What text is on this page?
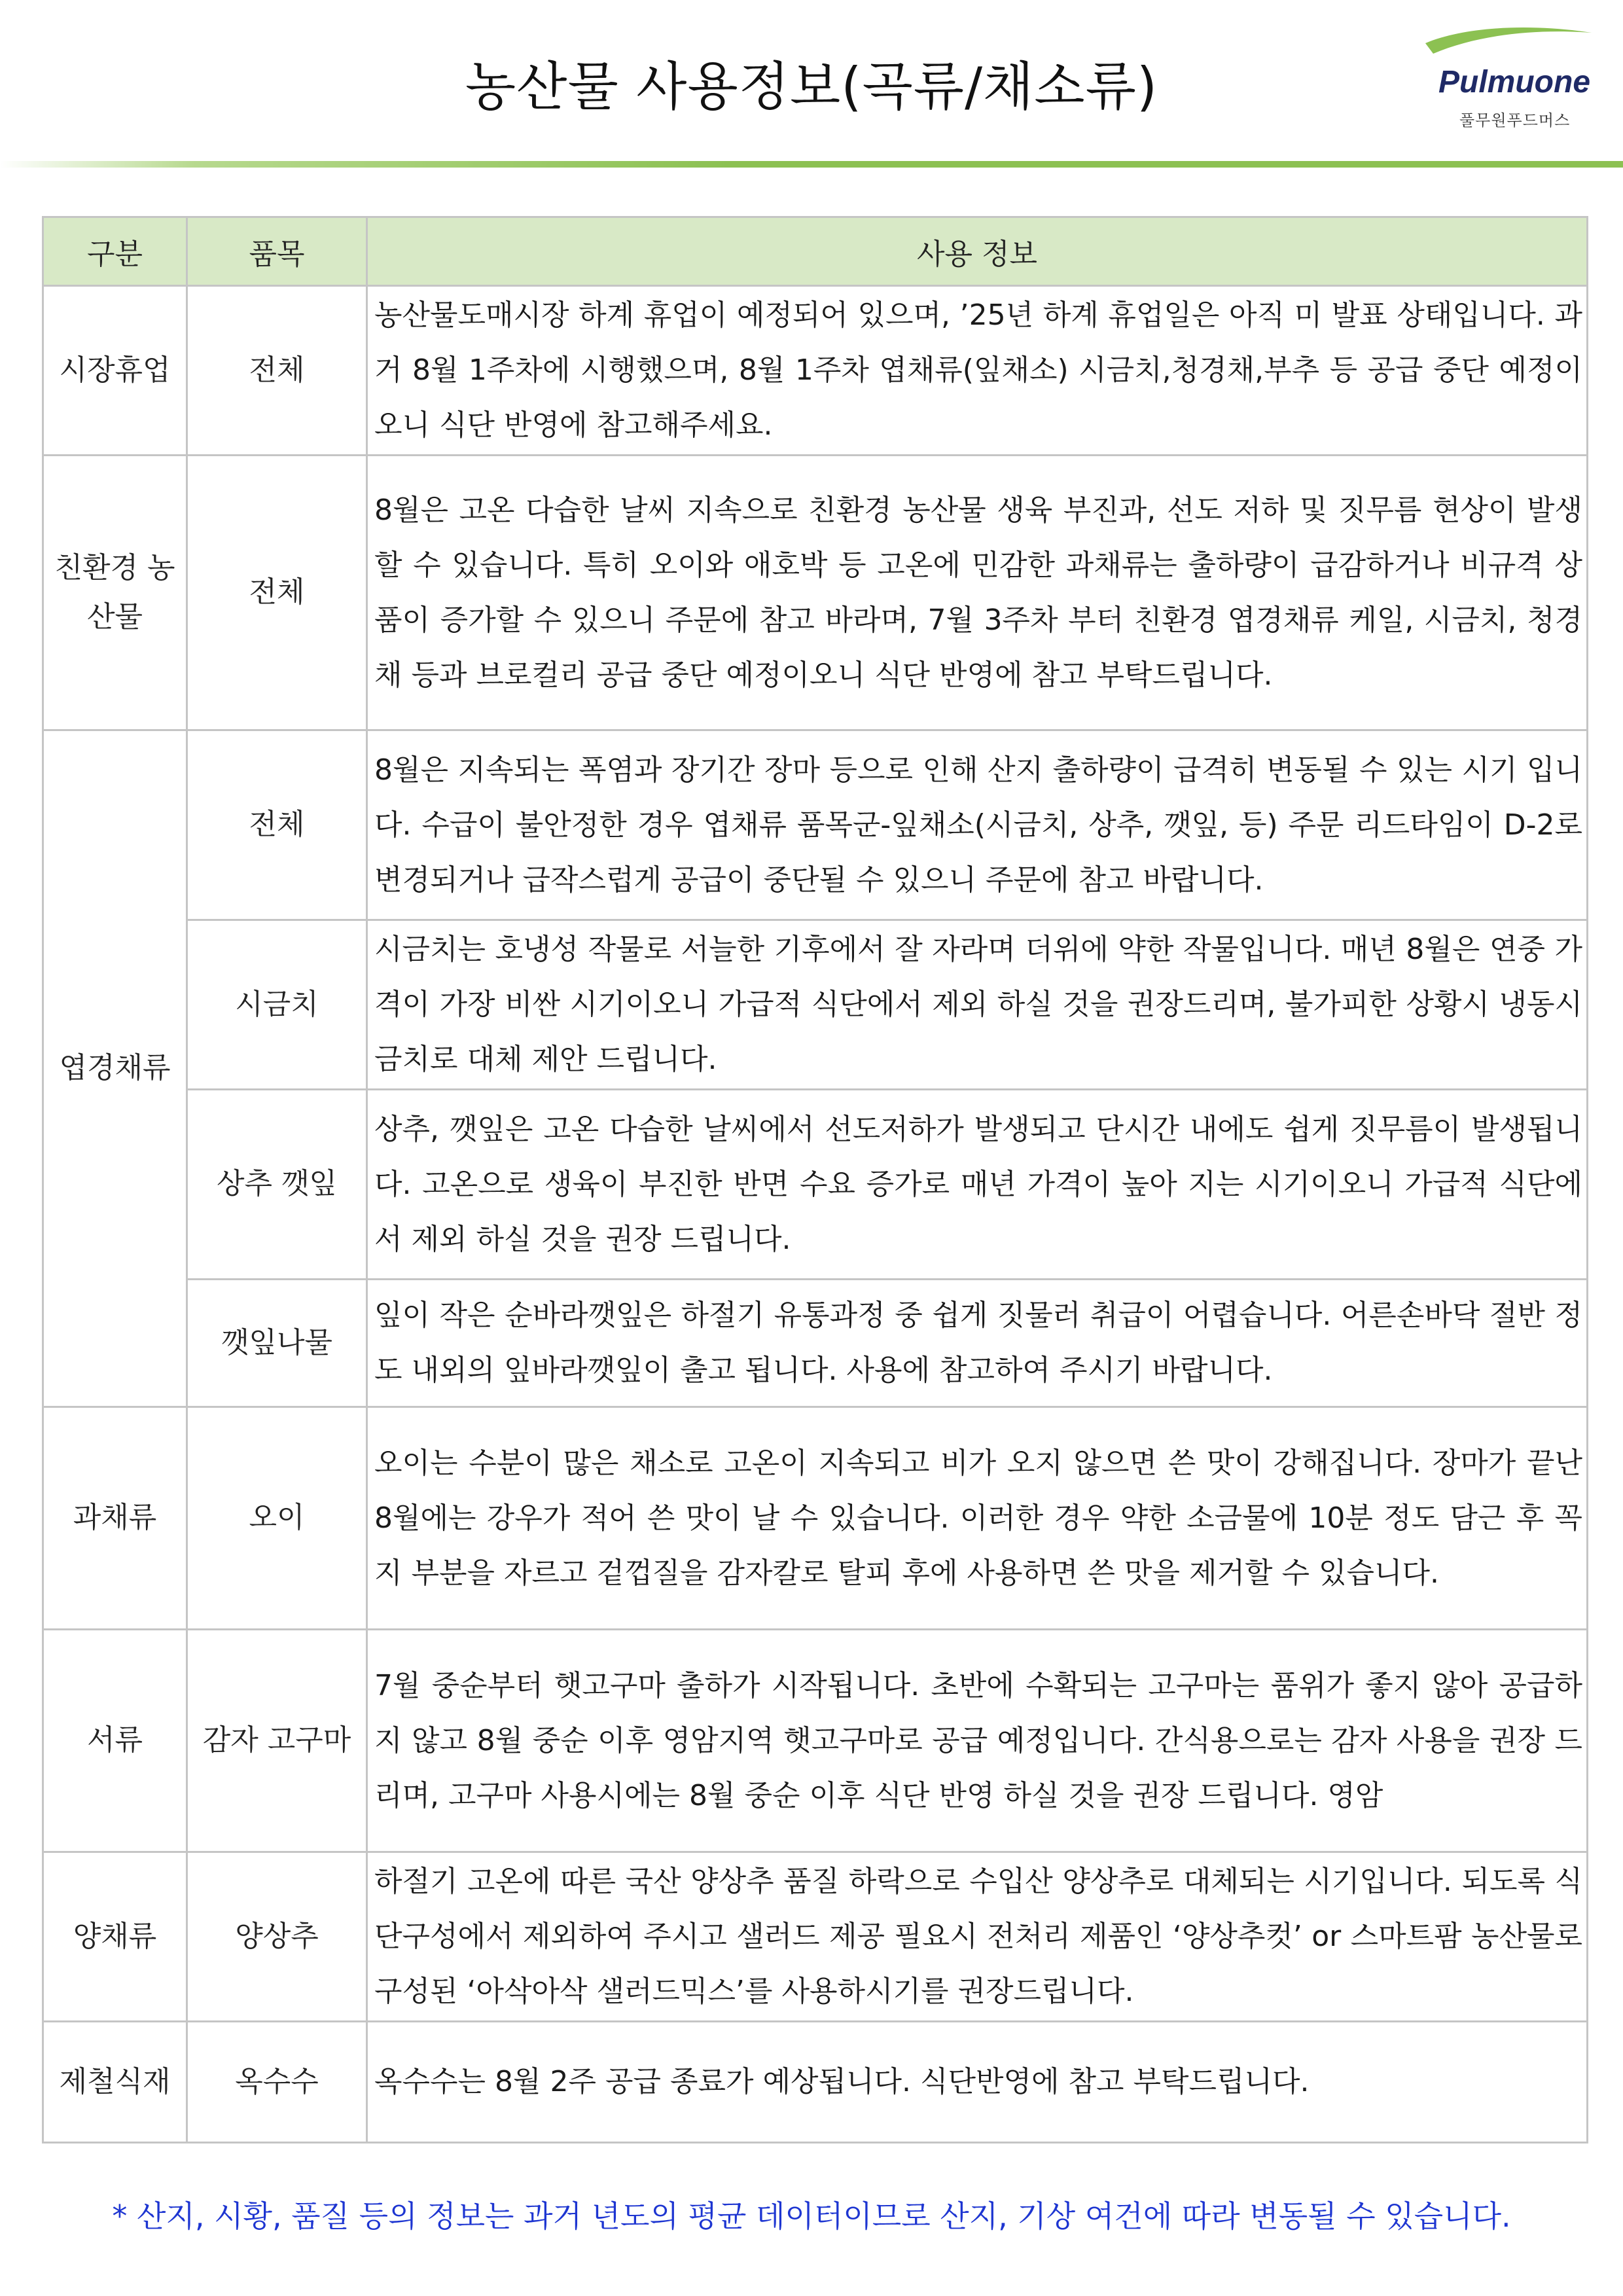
농산물 사용정보(곡류/채소류)	Pulmuone
풀무원푸드머스
구분	품목	사용 정보
시장휴업	전체	농산물도매시장 하계 휴업이 예정되어 있으며, ’25년 하계 휴업일은 아직 미 발표 상태입니다. 과거 8월 1주차에 시행했으며, 8월 1주차 엽채류(잎채소) 시금치,청경채,부추 등 공급 중단 예정이오니 식단 반영에 참고해주세요.
친환경 농산물	전체	8월은 고온 다습한 날씨 지속으로 친환경 농산물 생육 부진과, 선도 저하 및 짓무름 현상이 발생할 수 있습니다. 특히 오이와 애호박 등 고온에 민감한 과채류는 출하량이 급감하거나 비규격 상품이 증가할 수 있으니 주문에 참고 바라며, 7월 3주차 부터 친환경 엽경채류 케일, 시금치, 청경채 등과 브로컬리 공급 중단 예정이오니 식단 반영에 참고 부탁드립니다.
엽경채류	전체	8월은 지속되는 폭염과 장기간 장마 등으로 인해 산지 출하량이 급격히 변동될 수 있는 시기 입니다. 수급이 불안정한 경우 엽채류 품목군-잎채소(시금치, 상추, 깻잎, 등) 주문 리드타임이 D-2로 변경되거나 급작스럽게 공급이 중단될 수 있으니 주문에 참고 바랍니다.
	시금치	시금치는 호냉성 작물로 서늘한 기후에서 잘 자라며 더위에 약한 작물입니다. 매년 8월은 연중 가격이 가장 비싼 시기이오니 가급적 식단에서 제외 하실 것을 권장드리며, 불가피한 상황시 냉동시금치로 대체 제안 드립니다.
	상추 깻잎	상추, 깻잎은 고온 다습한 날씨에서 선도저하가 발생되고 단시간 내에도 쉽게 짓무름이 발생됩니다. 고온으로 생육이 부진한 반면 수요 증가로 매년 가격이 높아 지는 시기이오니 가급적 식단에서 제외 하실 것을 권장 드립니다.
	깻잎나물	잎이 작은 순바라깻잎은 하절기 유통과정 중 쉽게 짓물러 취급이 어렵습니다. 어른손바닥 절반 정도 내외의 잎바라깻잎이 출고 됩니다. 사용에 참고하여 주시기 바랍니다.
과채류	오이	오이는 수분이 많은 채소로 고온이 지속되고 비가 오지 않으면 쓴 맛이 강해집니다. 장마가 끝난 8월에는 강우가 적어 쓴 맛이 날 수 있습니다. 이러한 경우 약한 소금물에 10분 정도 담근 후 꼭지 부분을 자르고 겉껍질을 감자칼로 탈피 후에 사용하면 쓴 맛을 제거할 수 있습니다.
서류	감자 고구마	7월 중순부터 햇고구마 출하가 시작됩니다. 초반에 수확되는 고구마는 품위가 좋지 않아 공급하지 않고 8월 중순 이후 영암지역 햇고구마로 공급 예정입니다. 간식용으로는 감자 사용을 권장 드리며, 고구마 사용시에는 8월 중순 이후 식단 반영 하실 것을 권장 드립니다. 영암
양채류	양상추	하절기 고온에 따른 국산 양상추 품질 하락으로 수입산 양상추로 대체되는 시기입니다. 되도록 식단구성에서 제외하여 주시고 샐러드 제공 필요시 전처리 제품인 ‘양상추컷’ or 스마트팜 농산물로 구성된 ‘아삭아삭 샐러드믹스’를 사용하시기를 권장드립니다.
제철식재	옥수수	옥수수는 8월 2주 공급 종료가 예상됩니다. 식단반영에 참고 부탁드립니다.
* 산지, 시황, 품질 등의 정보는 과거 년도의 평균 데이터이므로 산지, 기상 여건에 따라 변동될 수 있습니다.
